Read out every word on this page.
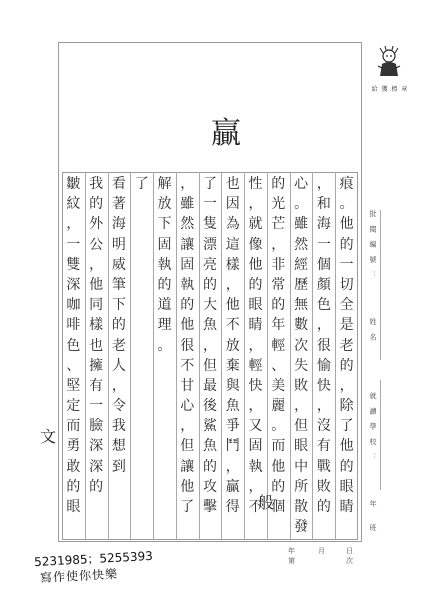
給 獲 標 章
贏
痕
。
他
的
一
切
全
是
老
的
，
除
了
他
的
眼
睛
，
和
海
一
個
顏
色
，
很
愉
快
，
沒
有
戰
敗
的
心
。
雖
然
經
歷
無
數
次
失
敗
，
但
眼
中
所
散
發
的
光
芒
，
非
常
的
年
輕
、
美
麗
。
而
他
的
個
性
，
就
像
他
的
眼
睛
，
輕
快
，
又
固
執
，
不
也
因
為
這
樣
，
他
不
放
棄
與
魚
爭
鬥
，
贏
得
了
一
隻
漂
亮
的
大
魚
，
但
最
後
鯊
魚
的
攻
擊
，
雖
然
讓
固
執
的
他
很
不
甘
心
，
但
讓
他
了
解
放
下
固
執
的
道
理
。
了
看
著
海
明
威
筆
下
的
老
人
，
令
我
想
到
我
的
外
公
，
他
同
樣
也
擁
有
一
臉
深
深
的
皺
紋
，
一
雙
深
咖
啡
色
、
堅
定
而
勇
敢
的
眼
批 閱 編 號 ：
姓 名
就 讀 學 校 ：
年
班
年	月	日
第	次
文
般
5231985；5255393
寫作使你快樂
